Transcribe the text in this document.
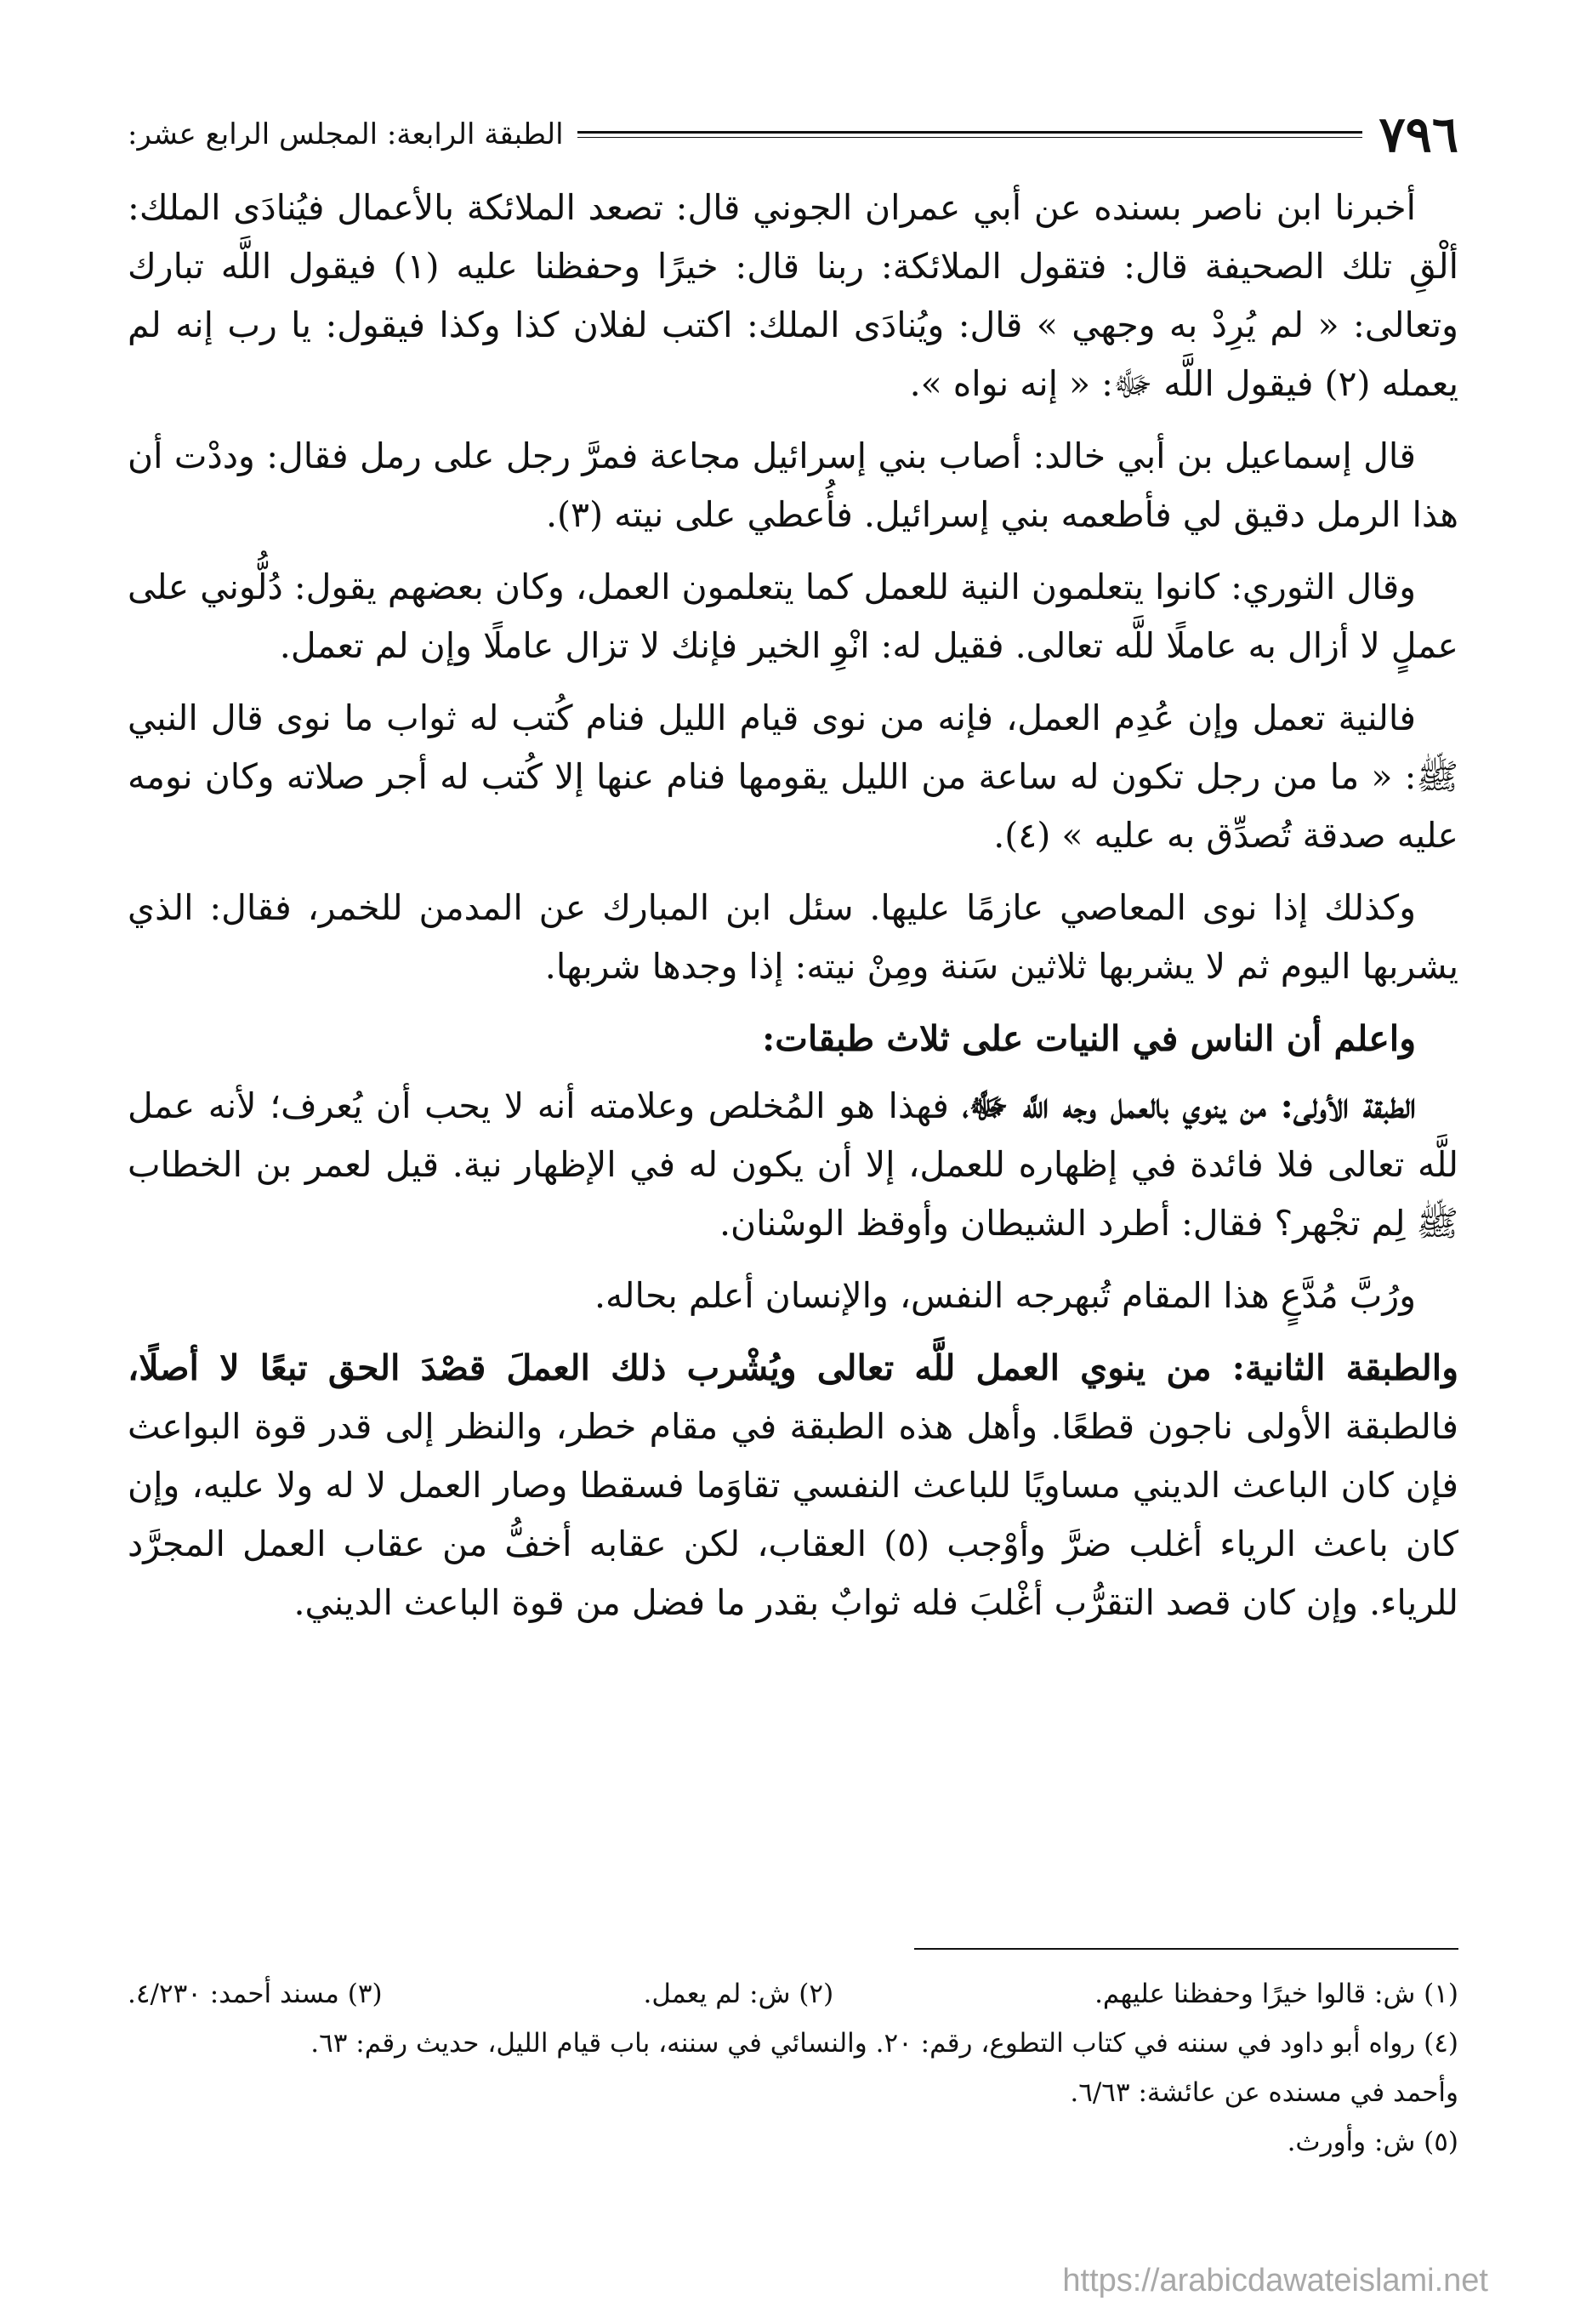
٧٩٦
الطبقة الرابعة: المجلس الرابع عشر:

أخبرنا ابن ناصر بسنده عن أبي عمران الجوني قال: تصعد الملائكة بالأعمال فيُنادَى الملك: ألْقِ تلك الصحيفة قال: فتقول الملائكة: ربنا قال: خيرًا وحفظنا عليه (١) فيقول اللَّه تبارك وتعالى: « لم يُرِدْ به وجهي » قال: ويُنادَى الملك: اكتب لفلان كذا وكذا فيقول: يا رب إنه لم يعمله (٢) فيقول اللَّه ﷻ: « إنه نواه ».

قال إسماعيل بن أبي خالد: أصاب بني إسرائيل مجاعة فمرَّ رجل على رمل فقال: وددْت أن هذا الرمل دقيق لي فأطعمه بني إسرائيل. فأُعطي على نيته (٣).

وقال الثوري: كانوا يتعلمون النية للعمل كما يتعلمون العمل، وكان بعضهم يقول: دُلُّوني على عملٍ لا أزال به عاملًا للَّه تعالى. فقيل له: انْوِ الخير فإنك لا تزال عاملًا وإن لم تعمل.

فالنية تعمل وإن عُدِم العمل، فإنه من نوى قيام الليل فنام كُتب له ثواب ما نوى قال النبي ﷺ: « ما من رجل تكون له ساعة من الليل يقومها فنام عنها إلا كُتب له أجر صلاته وكان نومه عليه صدقة تُصدِّق به عليه » (٤).

وكذلك إذا نوى المعاصي عازمًا عليها. سئل ابن المبارك عن المدمن للخمر، فقال: الذي يشربها اليوم ثم لا يشربها ثلاثين سَنة ومِنْ نيته: إذا وجدها شربها.

واعلم أن الناس في النيات على ثلاث طبقات:

الطبقة الأولى: من ينوي بالعمل وجه اللَّه ﷻ، فهذا هو المُخلص وعلامته أنه لا يحب أن يُعرف؛ لأنه عمل للَّه تعالى فلا فائدة في إظهاره للعمل، إلا أن يكون له في الإظهار نية. قيل لعمر بن الخطاب ﷺ لِم تجْهر؟ فقال: أطرد الشيطان وأوقظ الوسْنان.

ورُبَّ مُدَّعٍ هذا المقام تُبهرجه النفس، والإنسان أعلم بحاله.

والطبقة الثانية: من ينوي العمل للَّه تعالى ويُشْرب ذلك العملَ قصْدَ الحق تبعًا لا أصلًا، فالطبقة الأولى ناجون قطعًا. وأهل هذه الطبقة في مقام خطر، والنظر إلى قدر قوة البواعث فإن كان الباعث الديني مساويًا للباعث النفسي تقاوَما فسقطا وصار العمل لا له ولا عليه، وإن كان باعث الرياء أغلب ضرَّ وأوْجب (٥) العقاب، لكن عقابه أخفُّ من عقاب العمل المجرَّد للرياء. وإن كان قصد التقرُّب أغْلبَ فله ثوابٌ بقدر ما فضل من قوة الباعث الديني.

(١) ش: قالوا خيرًا وحفظنا عليهم.
(٢) ش: لم يعمل.
(٣) مسند أحمد: ٤/٢٣٠.

(٤) رواه أبو داود في سننه في كتاب التطوع، رقم: ٢٠. والنسائي في سننه، باب قيام الليل، حديث رقم: ٦٣.

وأحمد في مسنده عن عائشة: ٦/٦٣.

(٥) ش: وأورث.

https://arabicdawateislami.net
